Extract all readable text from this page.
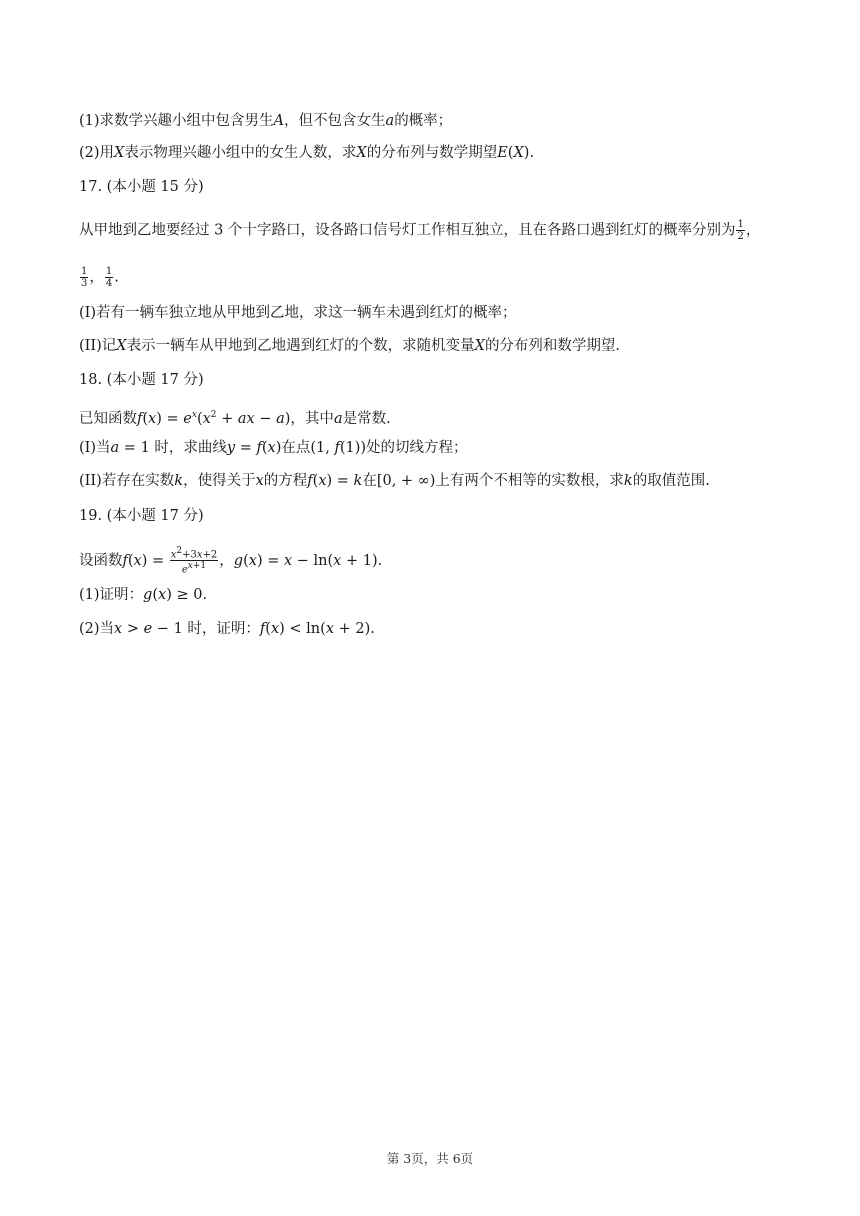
(1)求数学兴趣小组中包含男生A，但不包含女生a的概率；
(2)用X表示物理兴趣小组中的女生人数，求X的分布列与数学期望E(X).
17. (本小题 15 分)
从甲地到乙地要经过 3 个十字路口，设各路口信号灯工作相互独立，且在各路口遇到红灯的概率分别为 $\frac{1}{2}$ ，
$\frac{1}{3}$ ， $\frac{1}{4}$ .
(I)若有一辆车独立地从甲地到乙地，求这一辆车未遇到红灯的概率；
(II)记X表示一辆车从甲地到乙地遇到红灯的个数，求随机变量X的分布列和数学期望.
18. (本小题 17 分)
已知函数$f(x) = e^x(x^2$ + ax − a)，其中a是常数.
(I)当a = 1 时，求曲线y = f(x)在点(1, f(1))处的切线方程；
(II)若存在实数k，使得关于x的方程f(x) = k在[0, + ∞)上有两个不相等的实数根，求k的取值范围.
19. (本小题 17 分)
设函数$f(x) = \frac{x^2+3x+2}{e^{x+1}}$ ，g(x) = x − ln(x + 1).
(1)证明：g(x) ≥ 0.
(2)当x > e − 1 时，证明：f(x) < ln(x + 2).
第 3页，共 6页
